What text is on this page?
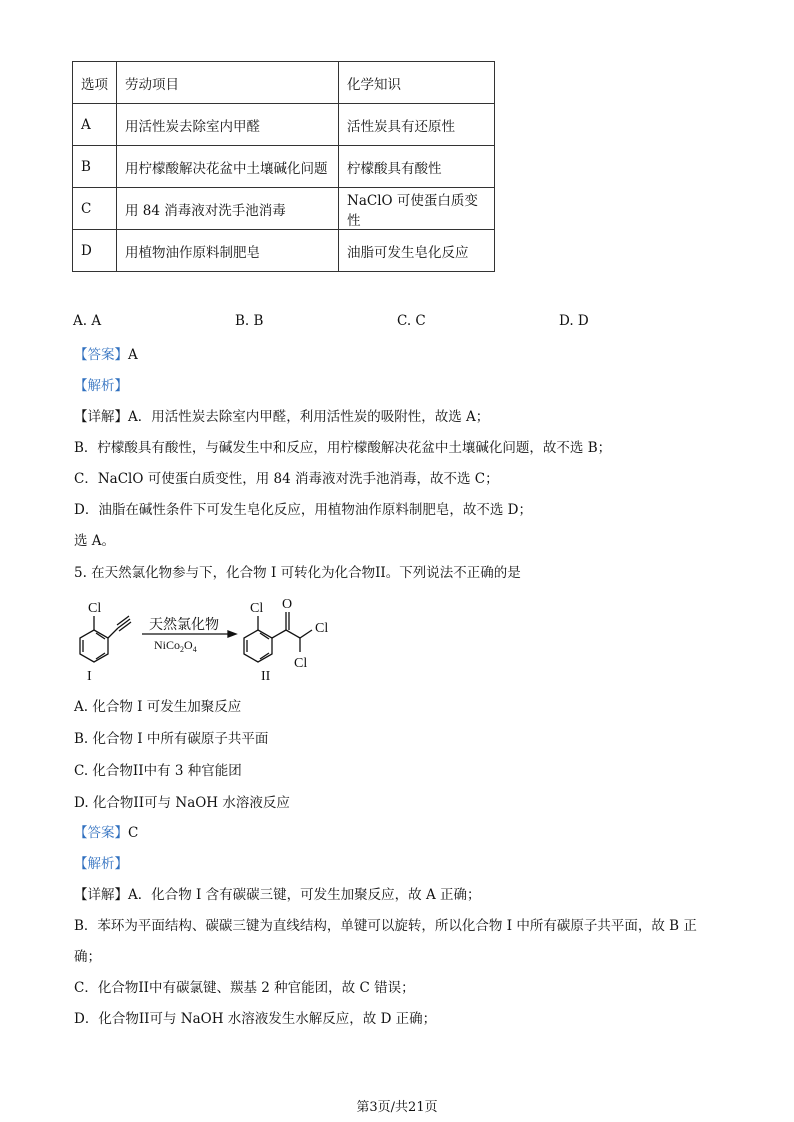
选项	劳动项目	化学知识
A	用活性炭去除室内甲醛	活性炭具有还原性
B	用柠檬酸解决花盆中土壤碱化问题	柠檬酸具有酸性
C	用 84 消毒液对洗手池消毒	NaClO 可使蛋白质变性
D	用植物油作原料制肥皂	油脂可发生皂化反应
A. A	B. B	C. C	D. D
【答案】A
【解析】
【详解】A．用活性炭去除室内甲醛，利用活性炭的吸附性，故选 A；
B．柠檬酸具有酸性，与碱发生中和反应，用柠檬酸解决花盆中土壤碱化问题，故不选 B；
C．NaClO 可使蛋白质变性，用 84 消毒液对洗手池消毒，故不选 C；
D．油脂在碱性条件下可发生皂化反应，用植物油作原料制肥皂，故不选 D；
选 A。
5. 在天然氯化物参与下，化合物 I 可转化为化合物II。下列说法不正确的是
Cl
I
天然氯化物
$NiCo_2O_4$
Cl O
Cl
Cl
II
A. 化合物 I 可发生加聚反应
B. 化合物 I 中所有碳原子共平面
C. 化合物II中有 3 种官能团
D. 化合物II可与 NaOH 水溶液反应
【答案】C
【解析】
【详解】A．化合物 I 含有碳碳三键，可发生加聚反应，故 A 正确；
B．苯环为平面结构、碳碳三键为直线结构，单键可以旋转，所以化合物 I 中所有碳原子共平面，故 B 正
确；
C．化合物II中有碳氯键、羰基 2 种官能团，故 C 错误；
D．化合物II可与 NaOH 水溶液发生水解反应，故 D 正确；
第3页/共21页
